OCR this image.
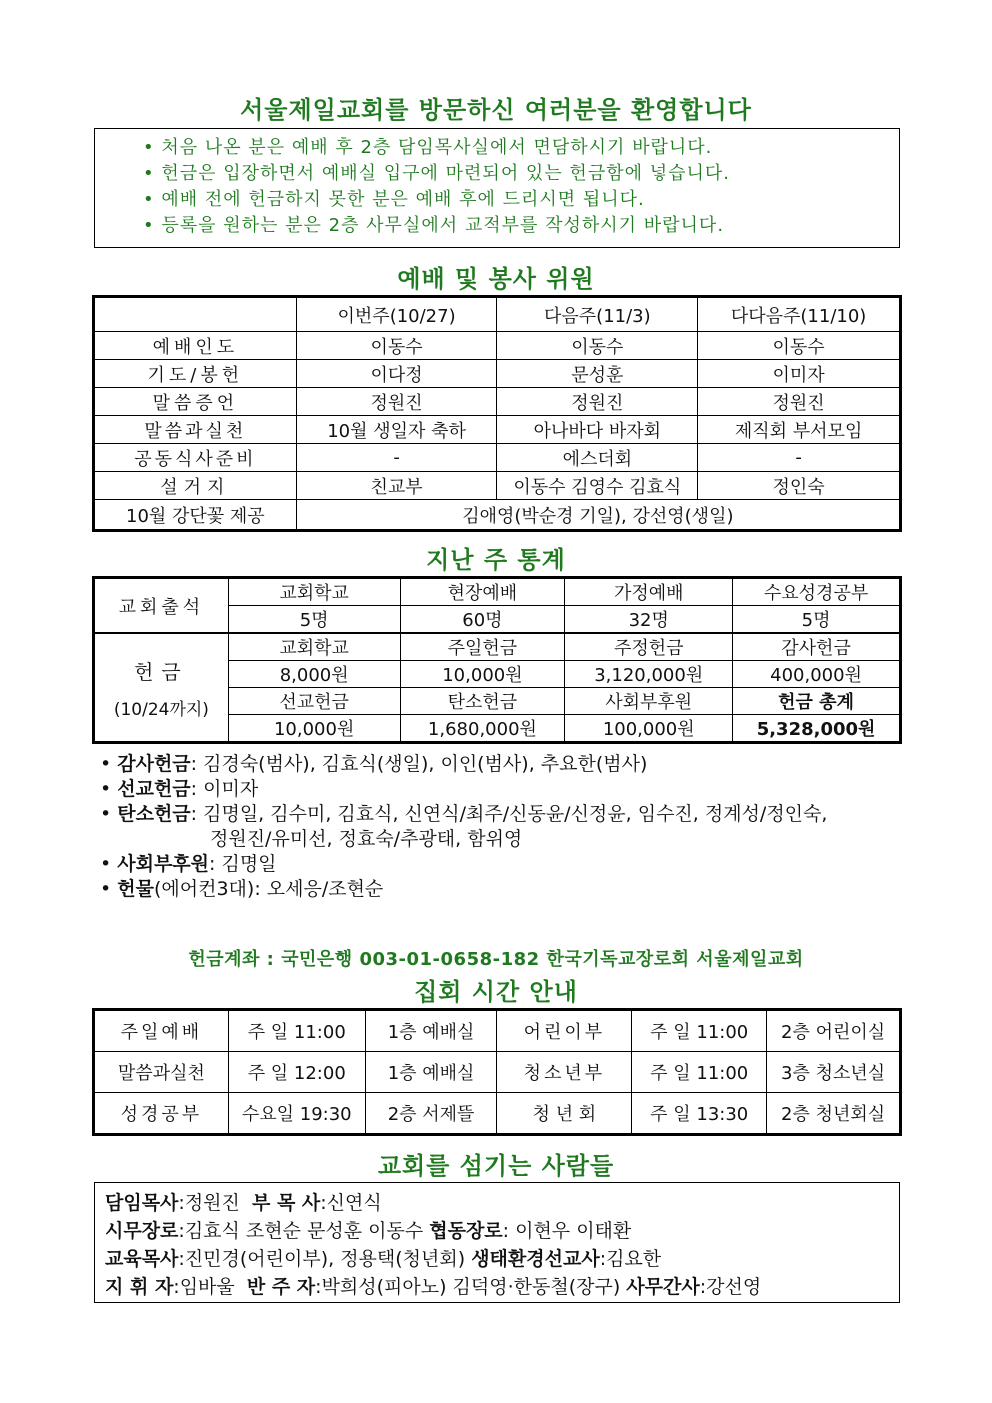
서울제일교회를 방문하신 여러분을 환영합니다
• 처음 나온 분은 예배 후 2층 담임목사실에서 면담하시기 바랍니다.
• 헌금은 입장하면서 예배실 입구에 마련되어 있는 헌금함에 넣습니다.
• 예배 전에 헌금하지 못한 분은 예배 후에 드리시면 됩니다.
• 등록을 원하는 분은 2층 사무실에서 교적부를 작성하시기 바랍니다.
예배 및 봉사 위원
	이번주(10/27)	다음주(11/3)	다다음주(11/10)
예배인도	이동수	이동수	이동수
기도/봉헌	이다정	문성훈	이미자
말씀증언	정원진	정원진	정원진
말씀과실천	10월 생일자 축하	아나바다 바자회	제직회 부서모임
공동식사준비	-	에스더회	-
설거지	친교부	이동수 김영수 김효식	정인숙
10월 강단꽃 제공	김애영(박순경 기일), 강선영(생일)		
지난 주 통계
교회출석	교회학교	현장예배	가정예배	수요성경공부
	5명	60명	32명	5명

헌금
(10/24까지)	교회학교	주일헌금	주정헌금	감사헌금
	8,000원	10,000원	3,120,000원	400,000원
	선교헌금	탄소헌금	사회부후원	헌금 총계
	10,000원	1,680,000원	100,000원	5,328,000원
• 감사헌금 : 김경숙(범사), 김효식(생일), 이인(범사), 추요한(범사)
• 선교헌금 : 이미자
• 탄소헌금 : 김명일, 김수미, 김효식, 신연식/최주/신동윤/신정윤, 임수진, 정계성/정인숙,
정원진/유미선, 정효숙/추광태, 함위영
• 사회부후원 : 김명일
• 헌물 (에어컨3대) : 오세응/조현순
헌금계좌 : 국민은행 003-01-0658-182 한국기독교장로회 서울제일교회
집회 시간 안내
주일예배	주 일 11:00	1층 예배실	어린이부	주 일 11:00	2층 어린이실
말씀과실천	주 일 12:00	1층 예배실	청소년부	주 일 11:00	3층 청소년실
성경공부	수요일 19:30	2층 서제뜰	청 년 회	주 일 13:30	2층 청년회실
교회를 섬기는 사람들
담임목사:정원진  부 목 사:신연식
시무장로:김효식 조현순 문성훈 이동수 협동장로: 이현우 이태환
교육목사:진민경(어린이부), 정용택(청년회) 생태환경선교사:김요한
지 휘 자:임바울  반 주 자:박희성(피아노) 김덕영·한동철(장구) 사무간사:강선영
